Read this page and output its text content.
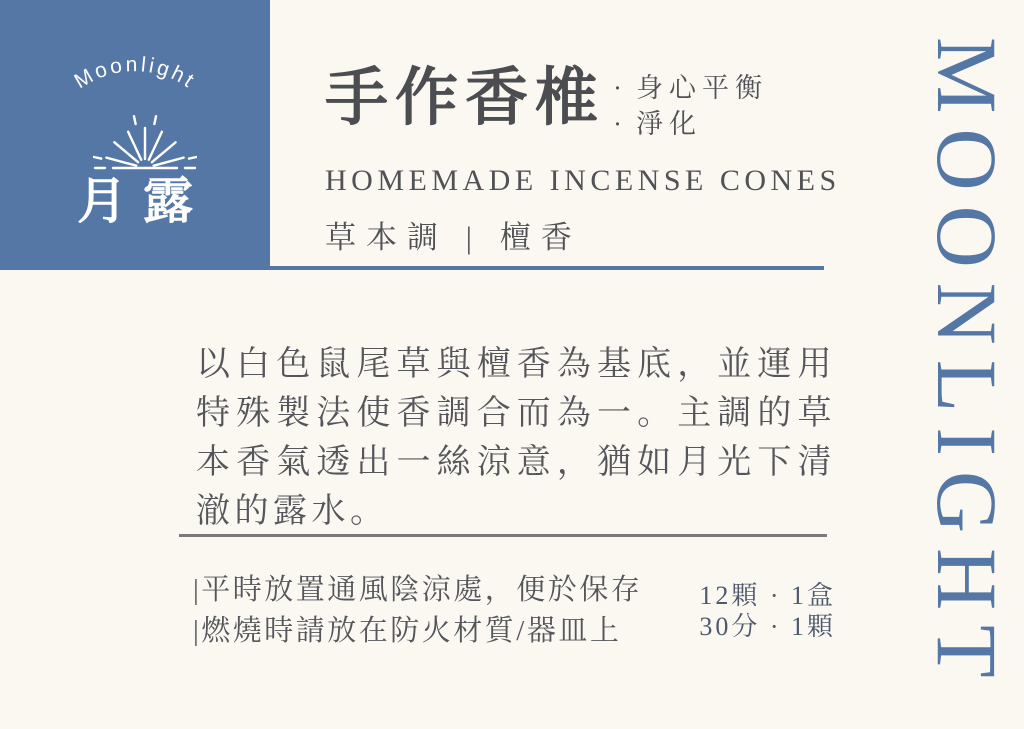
Moonlight
月露
手作香椎 · 身心平衡
· 淨化
HOMEMADE INCENSE CONES
草本調 | 檀香

以白色鼠尾草與檀香為基底，並運用特殊製法使香調合而為一。主調的草本香氣透出一絲涼意，猶如月光下清澈的露水。

|平時放置通風陰涼處，便於保存
|燃燒時請放在防火材質/器皿上
12顆 · 1盒
30分 · 1顆 MOONLIGHT
